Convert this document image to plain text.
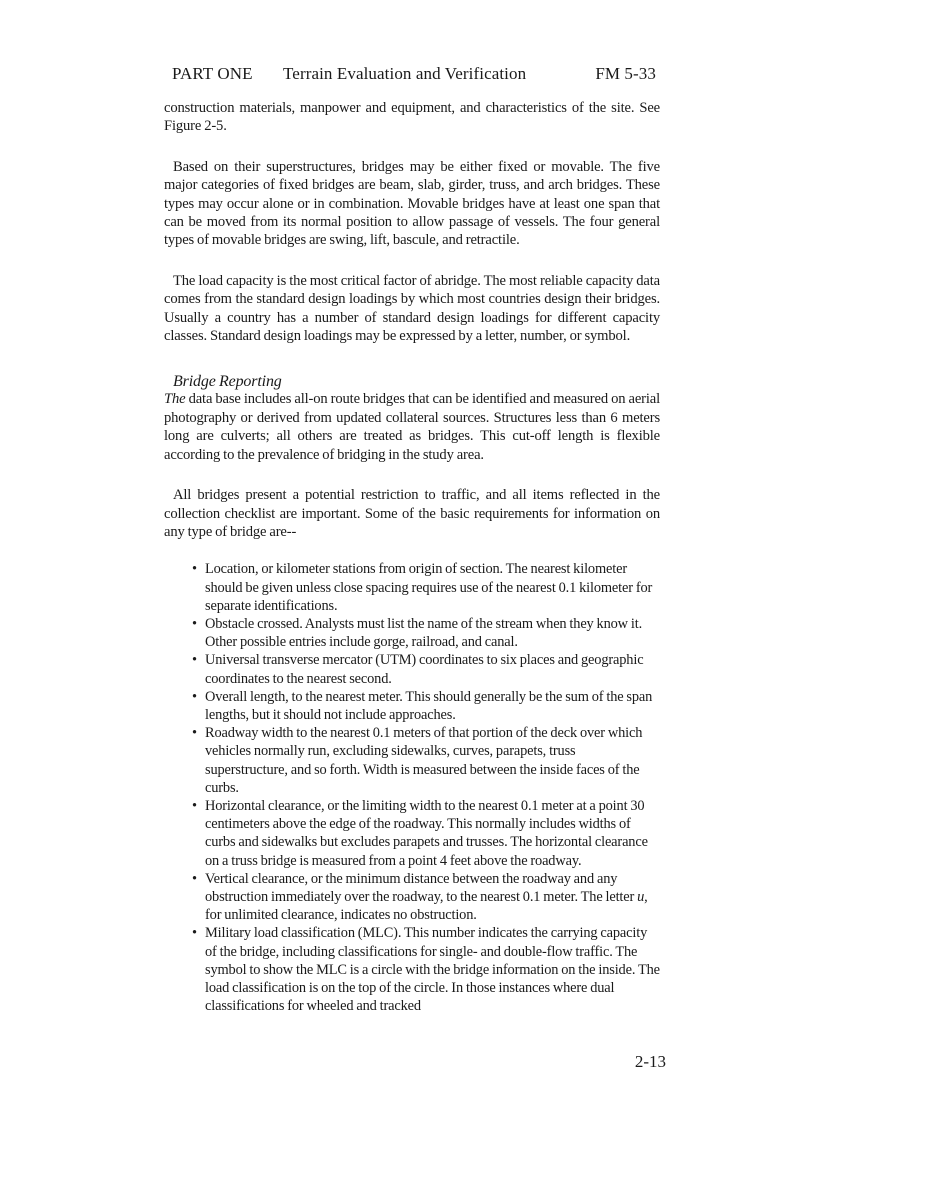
PART ONE Terrain Evaluation and Verification	FM 5-33

construction materials, manpower and equipment, and characteristics of the site. See Figure 2-5.

Based on their superstructures, bridges may be either fixed or movable. The five major categories of fixed bridges are beam, slab, girder, truss, and arch bridges. These types may occur alone or in combination. Movable bridges have at least one span that can be moved from its normal position to allow passage of vessels. The four general types of movable bridges are swing, lift, bascule, and retractile.

The load capacity is the most critical factor of abridge. The most reliable capacity data comes from the standard design loadings by which most countries design their bridges. Usually a country has a number of standard design loadings for different capacity classes. Standard design loadings may be expressed by a letter, number, or symbol.

Bridge Reporting

The data base includes all-on route bridges that can be identified and measured on aerial photography or derived from updated collateral sources. Structures less than 6 meters long are culverts; all others are treated as bridges. This cut-off length is flexible according to the prevalence of bridging in the study area.

All bridges present a potential restriction to traffic, and all items reflected in the collection checklist are important. Some of the basic requirements for information on any type of bridge are--

• Location, or kilometer stations from origin of section. The nearest kilometer should be given unless close spacing requires use of the nearest 0.1 kilometer for separate identifications.
• Obstacle crossed. Analysts must list the name of the stream when they know it. Other possible entries include gorge, railroad, and canal.
• Universal transverse mercator (UTM) coordinates to six places and geographic coordinates to the nearest second.
• Overall length, to the nearest meter. This should generally be the sum of the span lengths, but it should not include approaches.
• Roadway width to the nearest 0.1 meters of that portion of the deck over which vehicles normally run, excluding sidewalks, curves, parapets, truss superstructure, and so forth. Width is measured between the inside faces of the curbs.
• Horizontal clearance, or the limiting width to the nearest 0.1 meter at a point 30 centimeters above the edge of the roadway. This normally includes widths of curbs and sidewalks but excludes parapets and trusses. The horizontal clearance on a truss bridge is measured from a point 4 feet above the roadway.
• Vertical clearance, or the minimum distance between the roadway and any obstruction immediately over the roadway, to the nearest 0.1 meter. The letter u, for unlimited clearance, indicates no obstruction.
• Military load classification (MLC). This number indicates the carrying capacity of the bridge, including classifications for single- and double-flow traffic. The symbol to show the MLC is a circle with the bridge information on the inside. The load classification is on the top of the circle. In those instances where dual classifications for wheeled and tracked
2-13
